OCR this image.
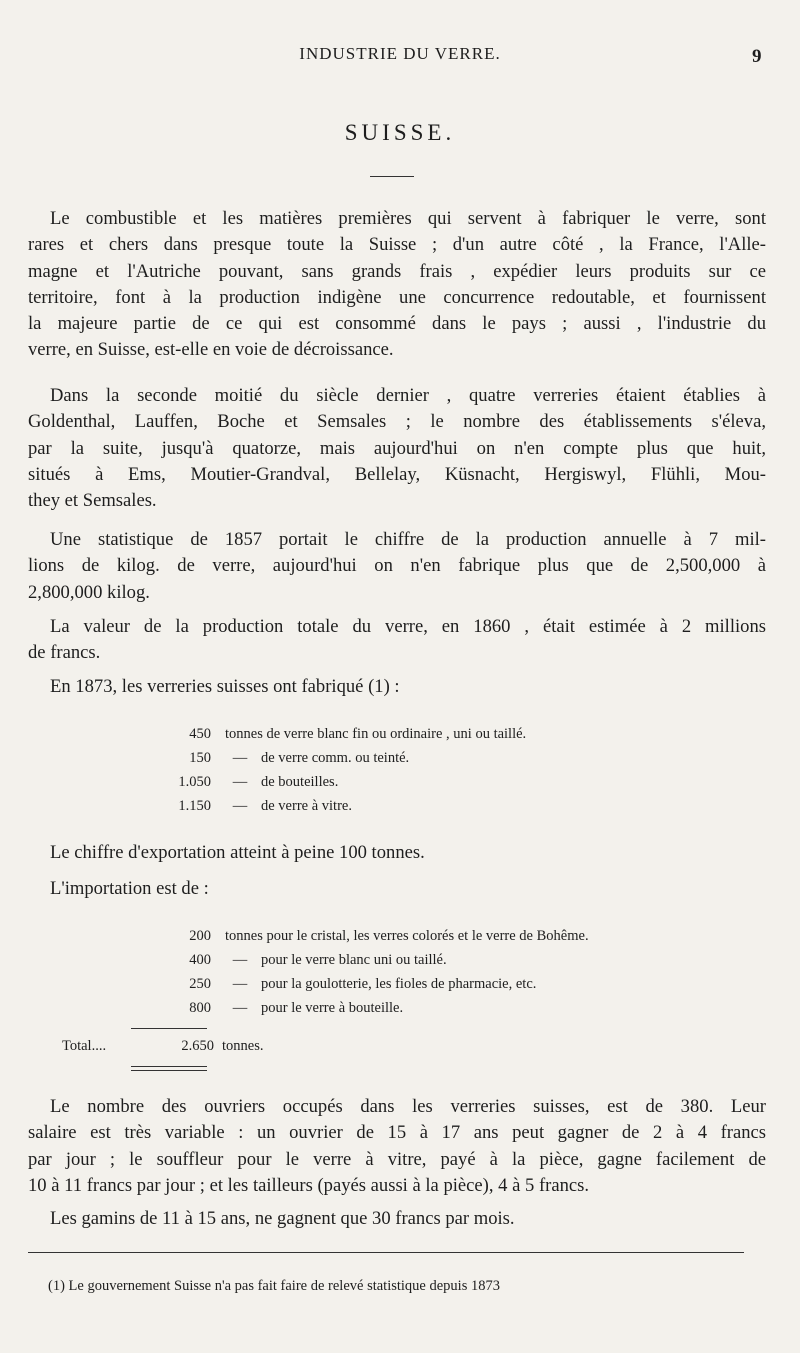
INDUSTRIE DU VERRE.	9
SUISSE.

Le combustible et les matières premières qui servent à fabriquer le verre, sont
rares et chers dans presque toute la Suisse ; d'un autre côté , la France, l'Alle-
magne et l'Autriche pouvant, sans grands frais , expédier leurs produits sur ce
territoire, font à la production indigène une concurrence redoutable, et fournissent
la majeure partie de ce qui est consommé dans le pays ; aussi , l'industrie du
verre, en Suisse, est-elle en voie de décroissance.

Dans la seconde moitié du siècle dernier , quatre verreries étaient établies à
Goldenthal, Lauffen, Boche et Semsales ; le nombre des établissements s'éleva,
par la suite, jusqu'à quatorze, mais aujourd'hui on n'en compte plus que huit,
situés à Ems, Moutier-Grandval, Bellelay, Küsnacht, Hergiswyl, Flühli, Mou-
they et Semsales.

Une statistique de 1857 portait le chiffre de la production annuelle à 7 mil-
lions de kilog. de verre, aujourd'hui on n'en fabrique plus que de 2,500,000 à
2,800,000 kilog.

La valeur de la production totale du verre, en 1860 , était estimée à 2 millions
de francs.

En 1873, les verreries suisses ont fabriqué (1) :

450 tonnes de verre blanc fin ou ordinaire , uni ou taillé.
150	— de verre comm. ou teinté.
1.050	— de bouteilles.
1.150	— de verre à vitre.

Le chiffre d'exportation atteint à peine 100 tonnes.

L'importation est de :

200 tonnes pour le cristal, les verres colorés et le verre de Bohême.
400	— pour le verre blanc uni ou taillé.
250	— pour la goulotterie, les fioles de pharmacie, etc.
800	— pour le verre à bouteille.
Total....	2.650 tonnes.

Le nombre des ouvriers occupés dans les verreries suisses, est de 380. Leur
salaire est très variable : un ouvrier de 15 à 17 ans peut gagner de 2 à 4 francs
par jour ; le souffleur pour le verre à vitre, payé à la pièce, gagne facilement de
10 à 11 francs par jour ; et les tailleurs (payés aussi à la pièce), 4 à 5 francs.

Les gamins de 11 à 15 ans, ne gagnent que 30 francs par mois.

(1) Le gouvernement Suisse n'a pas fait faire de relevé statistique depuis 1873
